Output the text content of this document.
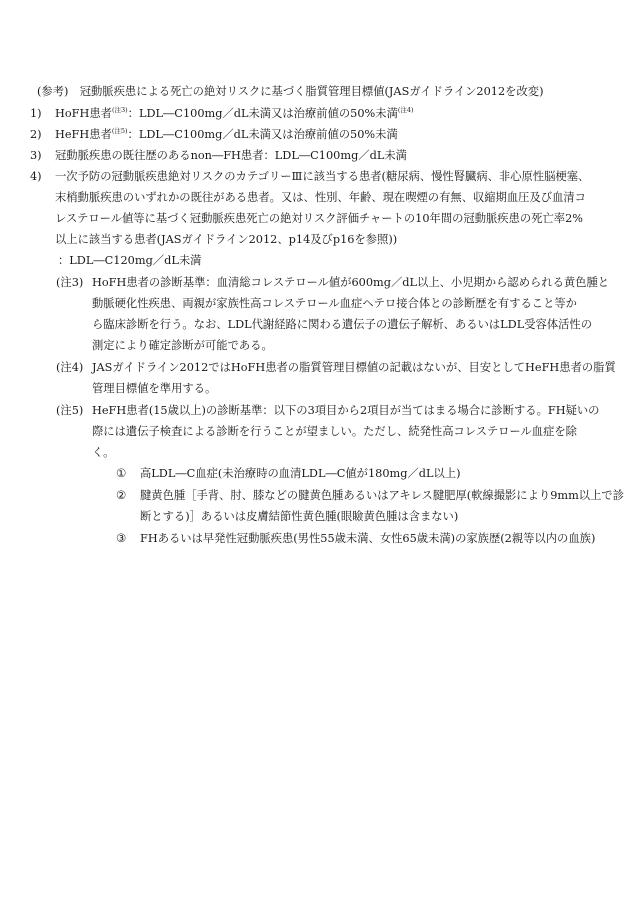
(参考)　冠動脈疾患による死亡の絶対リスクに基づく脂質管理目標値(JASガイドライン2012を改変)
1) HoFH患者$^{(注3)}$：LDL―C100mg／dL未満又は治療前値の50%未満$^{(注4)}$
2) HeFH患者$^{(注5)}$：LDL―C100mg／dL未満又は治療前値の50%未満
3) 冠動脈疾患の既往歴のあるnon―FH患者：LDL―C100mg／dL未満
4) 一次予防の冠動脈疾患絶対リスクのカテゴリーⅢに該当する患者(糖尿病、慢性腎臓病、非心原性脳梗塞、
末梢動脈疾患のいずれかの既往がある患者。又は、性別、年齢、現在喫煙の有無、収縮期血圧及び血清コ
レステロール値等に基づく冠動脈疾患死亡の絶対リスク評価チャートの10年間の冠動脈疾患の死亡率2%
以上に該当する患者(JASガイドライン2012、p14及びp16を参照))
：LDL―C120mg／dL未満
(注3) HoFH患者の診断基準：血清総コレステロール値が600mg／dL以上、小児期から認められる黄色腫と
動脈硬化性疾患、両親が家族性高コレステロール血症ヘテロ接合体との診断歴を有すること等か
ら臨床診断を行う。なお、LDL代謝経路に関わる遺伝子の遺伝子解析、あるいはLDL受容体活性の
測定により確定診断が可能である。
(注4) JASガイドライン2012ではHoFH患者の脂質管理目標値の記載はないが、目安としてHeFH患者の脂質
管理目標値を準用する。
(注5) HeFH患者(15歳以上)の診断基準：以下の3項目から2項目が当てはまる場合に診断する。FH疑いの
際には遺伝子検査による診断を行うことが望ましい。ただし、続発性高コレステロール血症を除
く。
① 高LDL―C血症(未治療時の血清LDL―C値が180mg／dL以上)
② 腱黄色腫［手背、肘、膝などの腱黄色腫あるいはアキレス腱肥厚(軟線撮影により9mm以上で診
断とする)］あるいは皮膚結節性黄色腫(眼瞼黄色腫は含まない)
③ FHあるいは早発性冠動脈疾患(男性55歳未満、女性65歳未満)の家族歴(2親等以内の血族)
